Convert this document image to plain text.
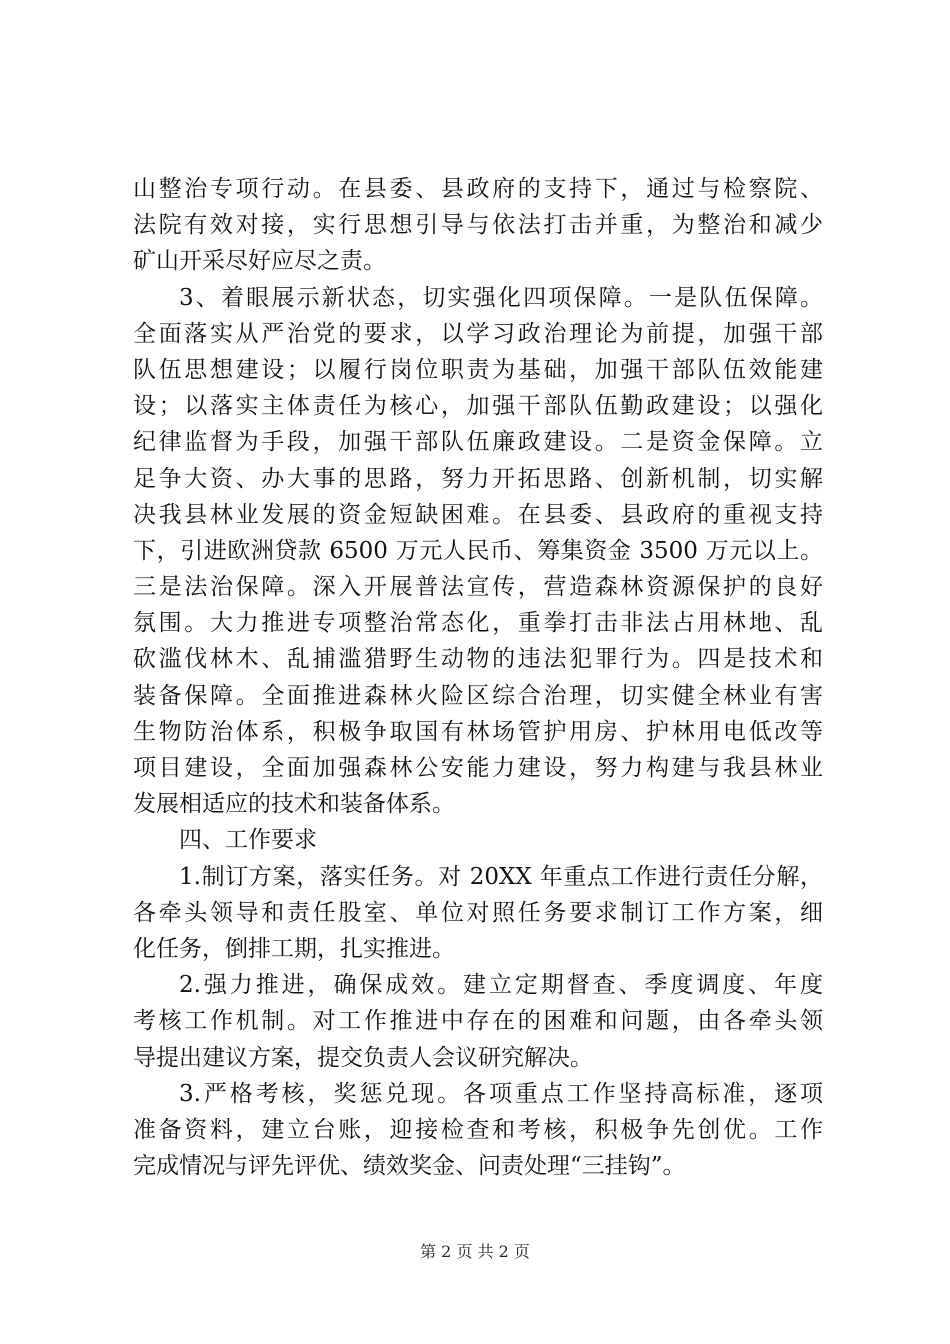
山整治专项行动。在县委、县政府的支持下，通过与检察院、
法院有效对接，实行思想引导与依法打击并重，为整治和减少
矿山开采尽好应尽之责。
3、着眼展示新状态，切实强化四项保障。一是队伍保障。
全面落实从严治党的要求，以学习政治理论为前提，加强干部
队伍思想建设；以履行岗位职责为基础，加强干部队伍效能建
设；以落实主体责任为核心，加强干部队伍勤政建设；以强化
纪律监督为手段，加强干部队伍廉政建设。二是资金保障。立
足争大资、办大事的思路，努力开拓思路、创新机制，切实解
决我县林业发展的资金短缺困难。在县委、县政府的重视支持
下，引进欧洲贷款 6500 万元人民币、筹集资金 3500 万元以上。
三是法治保障。深入开展普法宣传，营造森林资源保护的良好
氛围。大力推进专项整治常态化，重拳打击非法占用林地、乱
砍滥伐林木、乱捕滥猎野生动物的违法犯罪行为。四是技术和
装备保障。全面推进森林火险区综合治理，切实健全林业有害
生物防治体系，积极争取国有林场管护用房、护林用电低改等
项目建设，全面加强森林公安能力建设，努力构建与我县林业
发展相适应的技术和装备体系。
四、工作要求
1.制订方案，落实任务。对 20XX 年重点工作进行责任分解，
各牵头领导和责任股室、单位对照任务要求制订工作方案，细
化任务，倒排工期，扎实推进。
2.强力推进，确保成效。建立定期督查、季度调度、年度
考核工作机制。对工作推进中存在的困难和问题，由各牵头领
导提出建议方案，提交负责人会议研究解决。
3.严格考核，奖惩兑现。各项重点工作坚持高标准，逐项
准备资料，建立台账，迎接检查和考核，积极争先创优。工作
完成情况与评先评优、绩效奖金、问责处理“三挂钩”。
第 2 页 共 2 页
